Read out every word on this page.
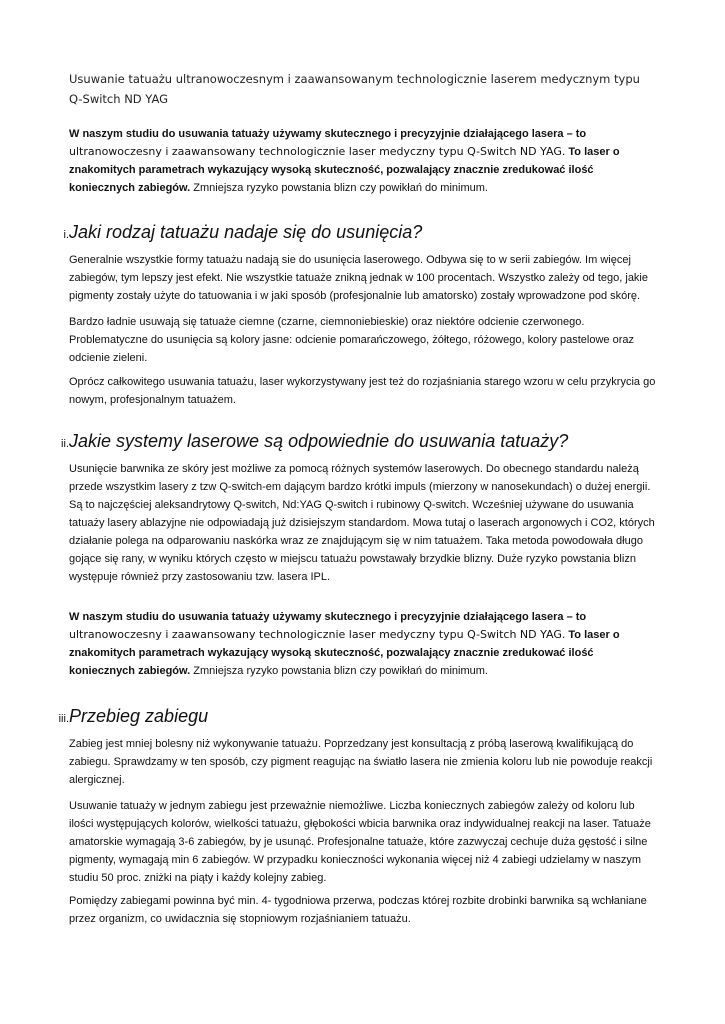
Usuwanie tatuażu ultranowoczesnym i zaawansowanym technologicznie laserem medycznym typu Q-Switch ND YAG
W naszym studiu do usuwania tatuaży używamy skutecznego i precyzyjnie działającego lasera – to ultranowoczesny i zaawansowany technologicznie laser medyczny typu Q-Switch ND YAG. To laser o znakomitych parametrach wykazujący wysoką skuteczność, pozwalający znacznie zredukować ilość koniecznych zabiegów. Zmniejsza ryzyko powstania blizn czy powikłań do minimum.
i.Jaki rodzaj tatuażu nadaje się do usunięcia?

Generalnie wszystkie formy tatuażu nadają sie do usunięcia laserowego. Odbywa się to w serii zabiegów. Im więcej zabiegów, tym lepszy jest efekt. Nie wszystkie tatuaże znikną jednak w 100 procentach. Wszystko zależy od tego, jakie pigmenty zostały użyte do tatuowania i w jaki sposób (profesjonalnie lub amatorsko) zostały wprowadzone pod skórę.

Bardzo ładnie usuwają się tatuaże ciemne (czarne, ciemnoniebieskie) oraz niektóre odcienie czerwonego. Problematyczne do usunięcia są kolory jasne: odcienie pomarańczowego, żółtego, różowego, kolory pastelowe oraz odcienie zieleni.

Oprócz całkowitego usuwania tatuażu, laser wykorzystywany jest też do rozjaśniania starego wzoru w celu przykrycia go nowym, profesjonalnym tatuażem.

ii.Jakie systemy laserowe są odpowiednie do usuwania tatuaży?

Usunięcie barwnika ze skóry jest możliwe za pomocą różnych systemów laserowych. Do obecnego standardu należą przede wszystkim lasery z tzw Q-switch-em dającym bardzo krótki impuls (mierzony w nanosekundach) o dużej energii. Są to najczęściej aleksandrytowy Q-switch, Nd:YAG Q-switch i rubinowy Q-switch. Wcześniej używane do usuwania tatuaży lasery ablazyjne nie odpowiadają już dzisiejszym standardom. Mowa tutaj o laserach argonowych i CO2, których działanie polega na odparowaniu naskórka wraz ze znajdującym się w nim tatuażem. Taka metoda powodowała długo gojące się rany, w wyniku których często w miejscu tatuażu powstawały brzydkie blizny. Duże ryzyko powstania blizn występuje również przy zastosowaniu tzw. lasera IPL.

W naszym studiu do usuwania tatuaży używamy skutecznego i precyzyjnie działającego lasera – to ultranowoczesny i zaawansowany technologicznie laser medyczny typu Q-Switch ND YAG. To laser o znakomitych parametrach wykazujący wysoką skuteczność, pozwalający znacznie zredukować ilość koniecznych zabiegów. Zmniejsza ryzyko powstania blizn czy powikłań do minimum.
iii.Przebieg zabiegu

Zabieg jest mniej bolesny niż wykonywanie tatuażu. Poprzedzany jest konsultacją z próbą laserową kwalifikującą do zabiegu. Sprawdzamy w ten sposób, czy pigment reagując na światło lasera nie zmienia koloru lub nie powoduje reakcji alergicznej.

Usuwanie tatuaży w jednym zabiegu jest przeważnie niemożliwe. Liczba koniecznych zabiegów zależy od koloru lub ilości występujących kolorów, wielkości tatuażu, głębokości wbicia barwnika oraz indywidualnej reakcji na laser. Tatuaże amatorskie wymagają 3-6 zabiegów, by je usunąć. Profesjonalne tatuaże, które zazwyczaj cechuje duża gęstość i silne pigmenty, wymagają min 6 zabiegów. W przypadku konieczności wykonania więcej niż 4 zabiegi udzielamy w naszym studiu 50 proc. zniżki na piąty i każdy kolejny zabieg.

Pomiędzy zabiegami powinna być min. 4- tygodniowa przerwa, podczas której rozbite drobinki barwnika są wchłaniane przez organizm, co uwidacznia się stopniowym rozjaśnianiem tatuażu.
